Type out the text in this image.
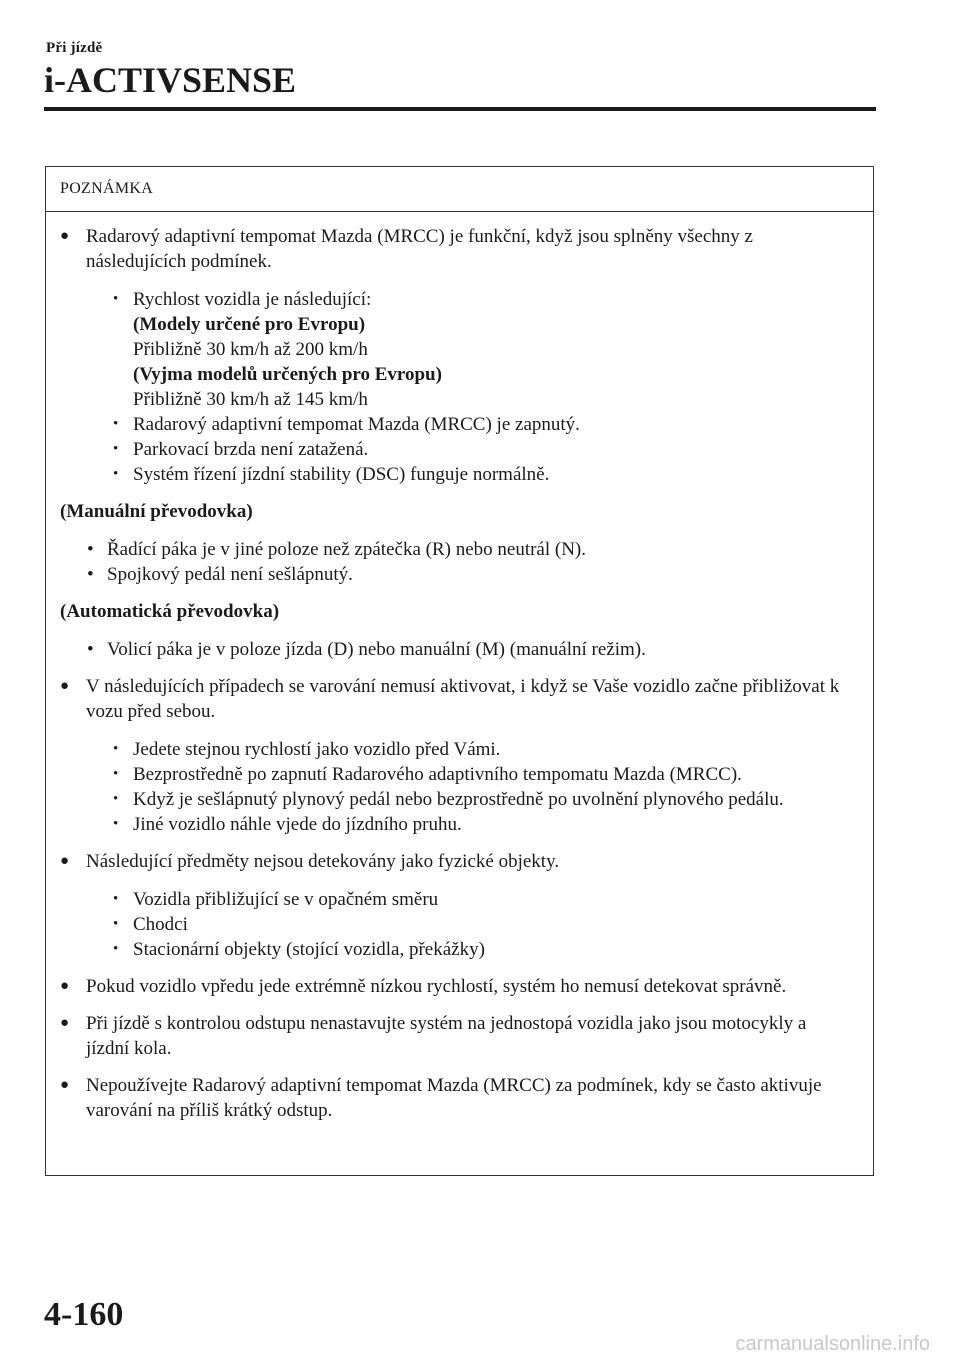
Při jízdě
i-ACTIVSENSE
POZNÁMKA
● Radarový adaptivní tempomat Mazda (MRCC) je funkční, když jsou splněny všechny z následujících podmínek.
• Rychlost vozidla je následující:
(Modely určené pro Evropu)
Přibližně 30 km/h až 200 km/h
(Vyjma modelů určených pro Evropu)
Přibližně 30 km/h až 145 km/h
• Radarový adaptivní tempomat Mazda (MRCC) je zapnutý.
• Parkovací brzda není zatažená.
• Systém řízení jízdní stability (DSC) funguje normálně.
(Manuální převodovka)
• Řadící páka je v jiné poloze než zpátečka (R) nebo neutrál (N).
• Spojkový pedál není sešlápnutý.
(Automatická převodovka)
• Volicí páka je v poloze jízda (D) nebo manuální (M) (manuální režim).
● V následujících případech se varování nemusí aktivovat, i když se Vaše vozidlo začne přibližovat k vozu před sebou.
• Jedete stejnou rychlostí jako vozidlo před Vámi.
• Bezprostředně po zapnutí Radarového adaptivního tempomatu Mazda (MRCC).
• Když je sešlápnutý plynový pedál nebo bezprostředně po uvolnění plynového pedálu.
• Jiné vozidlo náhle vjede do jízdního pruhu.
● Následující předměty nejsou detekovány jako fyzické objekty.
• Vozidla přibližující se v opačném směru
• Chodci
• Stacionární objekty (stojící vozidla, překážky)
● Pokud vozidlo vpředu jede extrémně nízkou rychlostí, systém ho nemusí detekovat správně.
● Při jízdě s kontrolou odstupu nenastavujte systém na jednostopá vozidla jako jsou motocykly a jízdní kola.
● Nepoužívejte Radarový adaptivní tempomat Mazda (MRCC) za podmínek, kdy se často aktivuje varování na příliš krátký odstup.
4-160
carmanualsonline.info
